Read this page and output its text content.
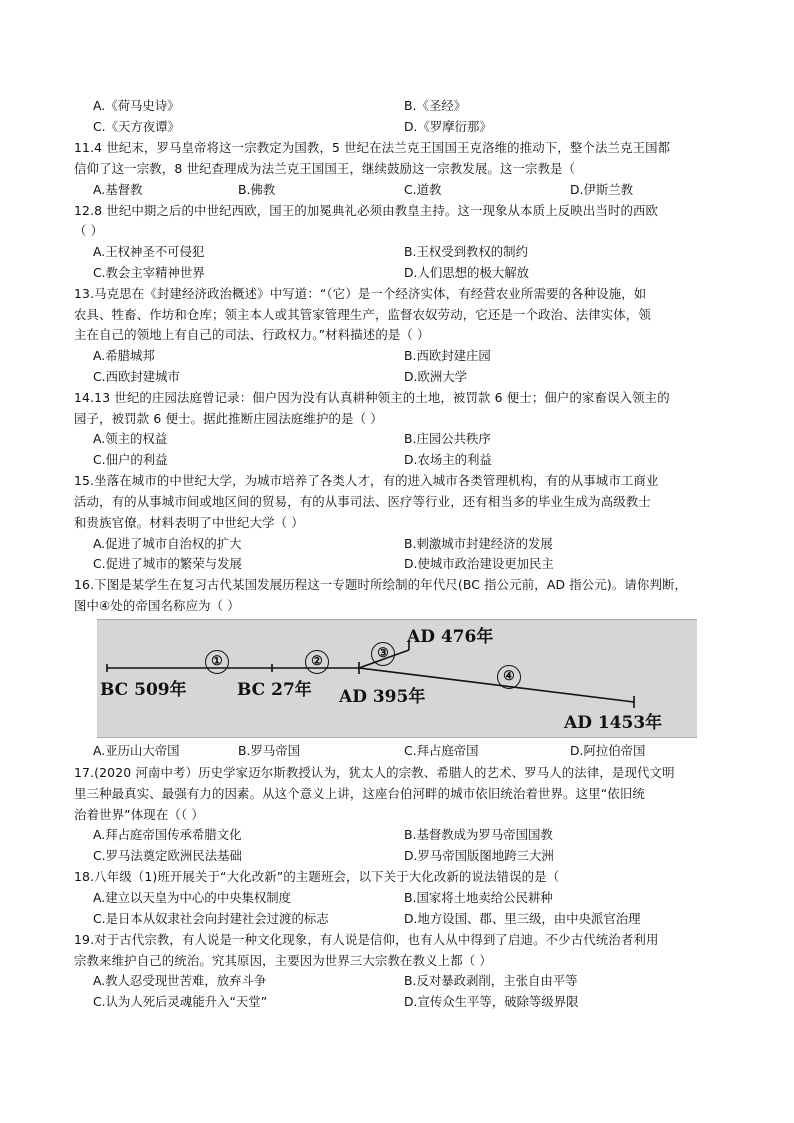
A.《荷马史诗》	B.《圣经》
C.《天方夜谭》	D.《罗摩衍那》
11.4 世纪末，罗马皇帝将这一宗教定为国教，5 世纪在法兰克王国国王克洛维的推动下，整个法兰克王国都
信仰了这一宗教，8 世纪查理成为法兰克王国国王，继续鼓励这一宗教发展。这一宗教是（
A.基督教	B.佛教	C.道教	D.伊斯兰教
12.8 世纪中期之后的中世纪西欧，国王的加冕典礼必须由教皇主持。这一现象从本质上反映出当时的西欧
（ ）
A.王权神圣不可侵犯	B.王权受到教权的制约
C.教会主宰精神世界	D.人们思想的极大解放
13.马克思在《封建经济政治概述》中写道：“（它）是一个经济实体，有经营农业所需要的各种设施，如
农具、牲畜、作坊和仓库；领主本人或其管家管理生产，监督农奴劳动，它还是一个政治、法律实体，领
主在自己的领地上有自己的司法、行政权力。”材料描述的是（ ）
A.希腊城邦	B.西欧封建庄园
C.西欧封建城市	D.欧洲大学
14.13 世纪的庄园法庭曾记录：佃户因为没有认真耕种领主的土地，被罚款 6 便士；佃户的家畜误入领主的
园子，被罚款 6 便士。据此推断庄园法庭维护的是（ ）
A.领主的权益	B.庄园公共秩序
C.佃户的利益	D.农场主的利益
15.坐落在城市的中世纪大学，为城市培养了各类人才，有的进入城市各类管理机构，有的从事城市工商业
活动，有的从事城市间或地区间的贸易，有的从事司法、医疗等行业，还有相当多的毕业生成为高级教士
和贵族官僚。材料表明了中世纪大学（ ）
A.促进了城市自治权的扩大	B.刺激城市封建经济的发展
C.促进了城市的繁荣与发展	D.使城市政治建设更加民主
16.下图是某学生在复习古代某国发展历程这一专题时所绘制的年代尺(BC 指公元前，AD 指公元)。请你判断，
图中④处的帝国名称应为（ ）
①	②
③
④
BC 509年	BC 27年 AD 395年
AD 476年
AD 1453年
A.亚历山大帝国	B.罗马帝国	C.拜占庭帝国	D.阿拉伯帝国
17.(2020 河南中考）历史学家迈尔斯教授认为，犹太人的宗教、希腊人的艺术、罗马人的法律，是现代文明
里三种最真实、最强有力的因素。从这个意义上讲，这座台伯河畔的城市依旧统治着世界。这里“依旧统
治着世界”体现在（（ ）
A.拜占庭帝国传承希腊文化	B.基督教成为罗马帝国国教
C.罗马法奠定欧洲民法基础	D.罗马帝国版图地跨三大洲
18.八年级（1)班开展关于“大化改新”的主题班会，以下关于大化改新的说法错误的是（
A.建立以天皇为中心的中央集权制度	B.国家将土地卖给公民耕种
C.是日本从奴隶社会向封建社会过渡的标志	D.地方设国、郡、里三级，由中央派官治理
19.对于古代宗教，有人说是一种文化现象，有人说是信仰，也有人从中得到了启迪。不少古代统治者利用
宗教来维护自己的统治。究其原因，主要因为世界三大宗教在教义上都（ ）
A.教人忍受现世苦难，放弃斗争	B.反对暴政剥削，主张自由平等
C.认为人死后灵魂能升入“天堂”	D.宣传众生平等，破除等级界限
